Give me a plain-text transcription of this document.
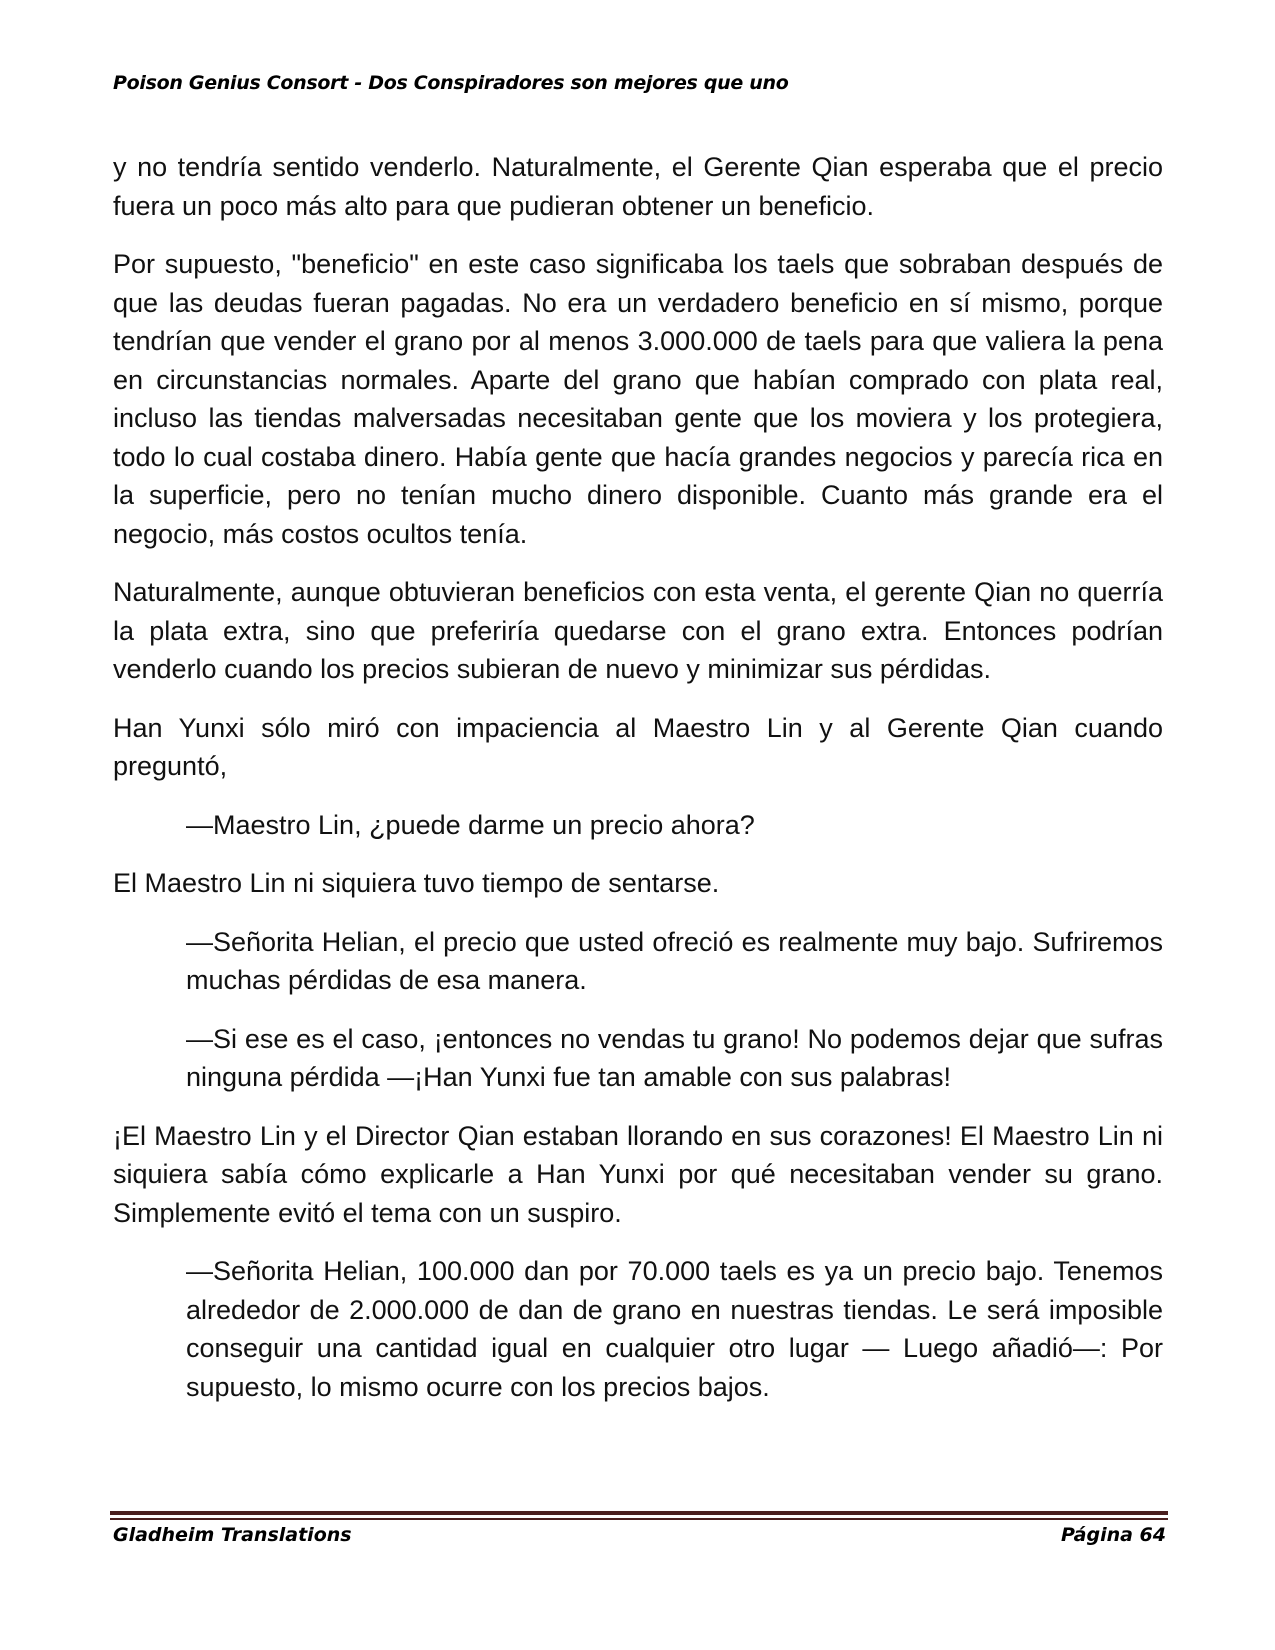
Poison Genius Consort - Dos Conspiradores son mejores que uno

y no tendría sentido venderlo. Naturalmente, el Gerente Qian esperaba que el precio fuera un poco más alto para que pudieran obtener un beneficio.

Por supuesto, "beneficio" en este caso significaba los taels que sobraban después de que las deudas fueran pagadas. No era un verdadero beneficio en sí mismo, porque tendrían que vender el grano por al menos 3.000.000 de taels para que valiera la pena en circunstancias normales. Aparte del grano que habían comprado con plata real, incluso las tiendas malversadas necesitaban gente que los moviera y los protegiera, todo lo cual costaba dinero. Había gente que hacía grandes negocios y parecía rica en la superficie, pero no tenían mucho dinero disponible. Cuanto más grande era el negocio, más costos ocultos tenía.

Naturalmente, aunque obtuvieran beneficios con esta venta, el gerente Qian no querría la plata extra, sino que preferiría quedarse con el grano extra. Entonces podrían venderlo cuando los precios subieran de nuevo y minimizar sus pérdidas.

Han Yunxi sólo miró con impaciencia al Maestro Lin y al Gerente Qian cuando preguntó,

—Maestro Lin, ¿puede darme un precio ahora?

El Maestro Lin ni siquiera tuvo tiempo de sentarse.

—Señorita Helian, el precio que usted ofreció es realmente muy bajo. Sufriremos muchas pérdidas de esa manera.

—Si ese es el caso, ¡entonces no vendas tu grano! No podemos dejar que sufras ninguna pérdida —¡Han Yunxi fue tan amable con sus palabras!

¡El Maestro Lin y el Director Qian estaban llorando en sus corazones! El Maestro Lin ni siquiera sabía cómo explicarle a Han Yunxi por qué necesitaban vender su grano. Simplemente evitó el tema con un suspiro.

—Señorita Helian, 100.000 dan por 70.000 taels es ya un precio bajo. Tenemos alrededor de 2.000.000 de dan de grano en nuestras tiendas. Le será imposible conseguir una cantidad igual en cualquier otro lugar — Luego añadió—: Por supuesto, lo mismo ocurre con los precios bajos.

Gladheim Translations	Página 64
